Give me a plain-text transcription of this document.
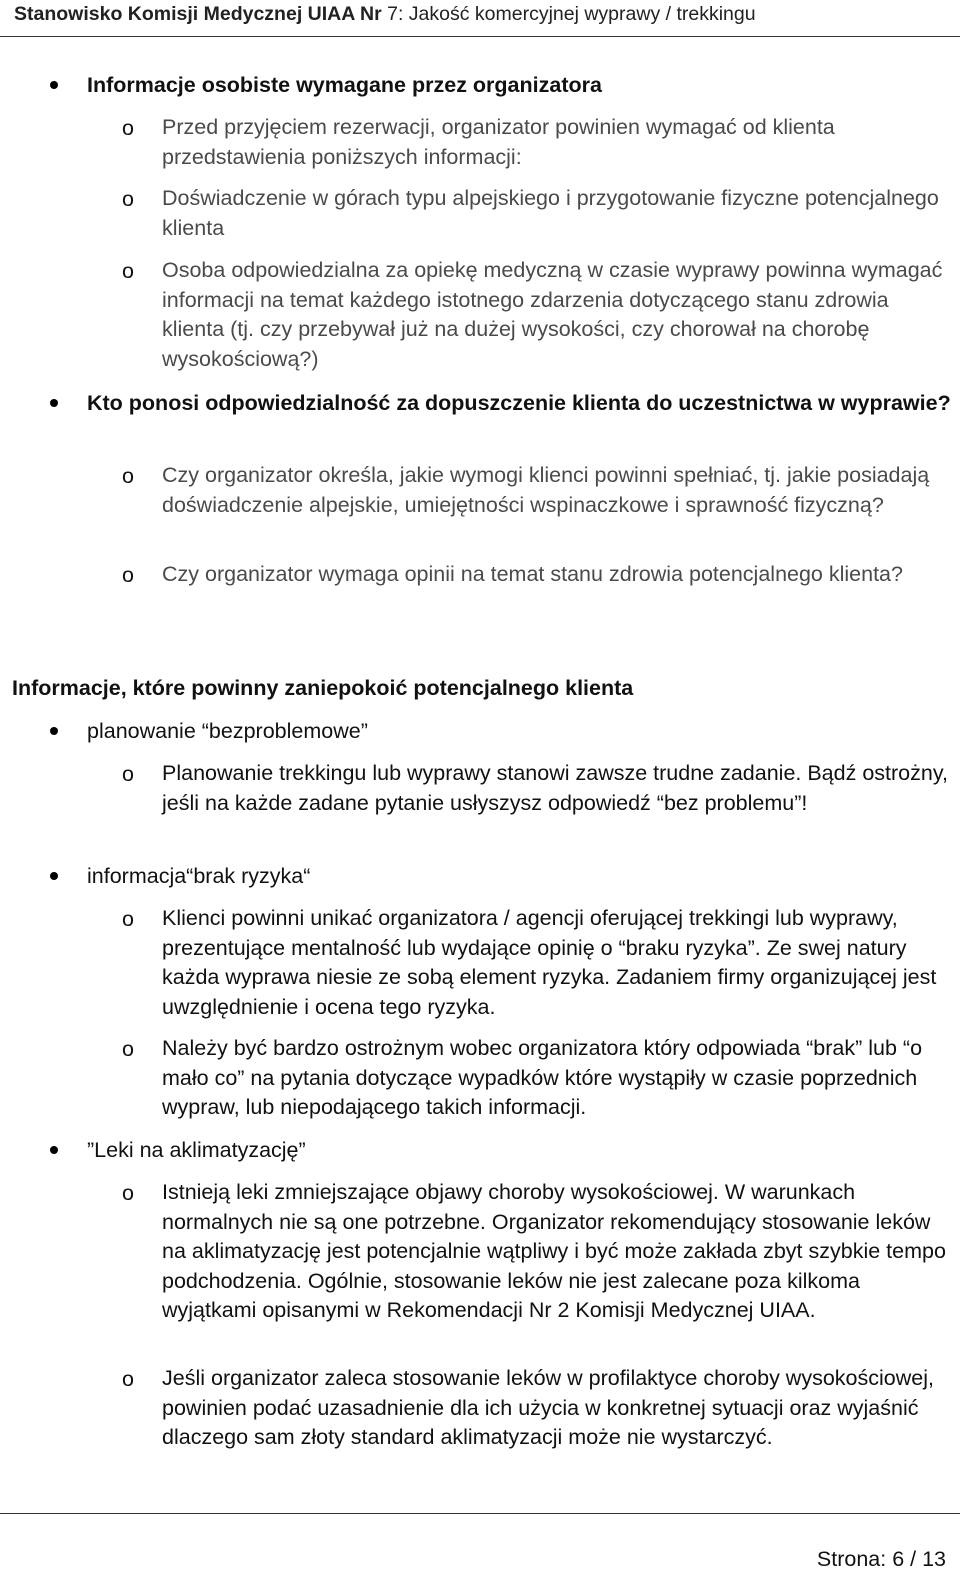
Stanowisko Komisji Medycznej UIAA Nr 7: Jakość komercyjnej wyprawy / trekkingu
Informacje osobiste wymagane przez organizatora
o Przed przyjęciem rezerwacji, organizator powinien wymagać od klienta przedstawienia poniższych informacji:
o Doświadczenie w górach typu alpejskiego i przygotowanie fizyczne potencjalnego klienta
o Osoba odpowiedzialna za opiekę medyczną w czasie wyprawy powinna wymagać informacji na temat każdego istotnego zdarzenia dotyczącego stanu zdrowia klienta (tj. czy przebywał już na dużej wysokości, czy chorował na chorobę wysokościową?)
Kto ponosi odpowiedzialność za dopuszczenie klienta do uczestnictwa w wyprawie?
o Czy organizator określa, jakie wymogi klienci powinni spełniać, tj. jakie posiadają doświadczenie alpejskie, umiejętności wspinaczkowe i sprawność fizyczną?
o Czy organizator wymaga opinii na temat stanu zdrowia potencjalnego klienta?
Informacje, które powinny zaniepokoić potencjalnego klienta
planowanie “bezproblemowe”
o Planowanie trekkingu lub wyprawy stanowi zawsze trudne zadanie. Bądź ostrożny, jeśli na każde zadane pytanie usłyszysz odpowiedź “bez problemu”!
informacja“brak ryzyka“
o Klienci powinni unikać organizatora / agencji oferującej trekkingi lub wyprawy, prezentujące mentalność lub wydające opinię o “braku ryzyka”. Ze swej natury każda wyprawa niesie ze sobą element ryzyka. Zadaniem firmy organizującej jest uwzględnienie i ocena tego ryzyka.
o Należy być bardzo ostrożnym wobec organizatora który odpowiada “brak” lub “o mało co” na pytania dotyczące wypadków które wystąpiły w czasie poprzednich wypraw, lub niepodającego takich informacji.
”Leki na aklimatyzację”
o Istnieją leki zmniejszające objawy choroby wysokościowej. W warunkach normalnych nie są one potrzebne. Organizator rekomendujący stosowanie leków na aklimatyzację jest potencjalnie wątpliwy i być może zakłada zbyt szybkie tempo podchodzenia. Ogólnie, stosowanie leków nie jest zalecane poza kilkoma wyjątkami opisanymi w Rekomendacji Nr 2 Komisji Medycznej UIAA.
o Jeśli organizator zaleca stosowanie leków w profilaktyce choroby wysokościowej, powinien podać uzasadnienie dla ich użycia w konkretnej sytuacji oraz wyjaśnić dlaczego sam złoty standard aklimatyzacji może nie wystarczyć.
Strona: 6 / 13
